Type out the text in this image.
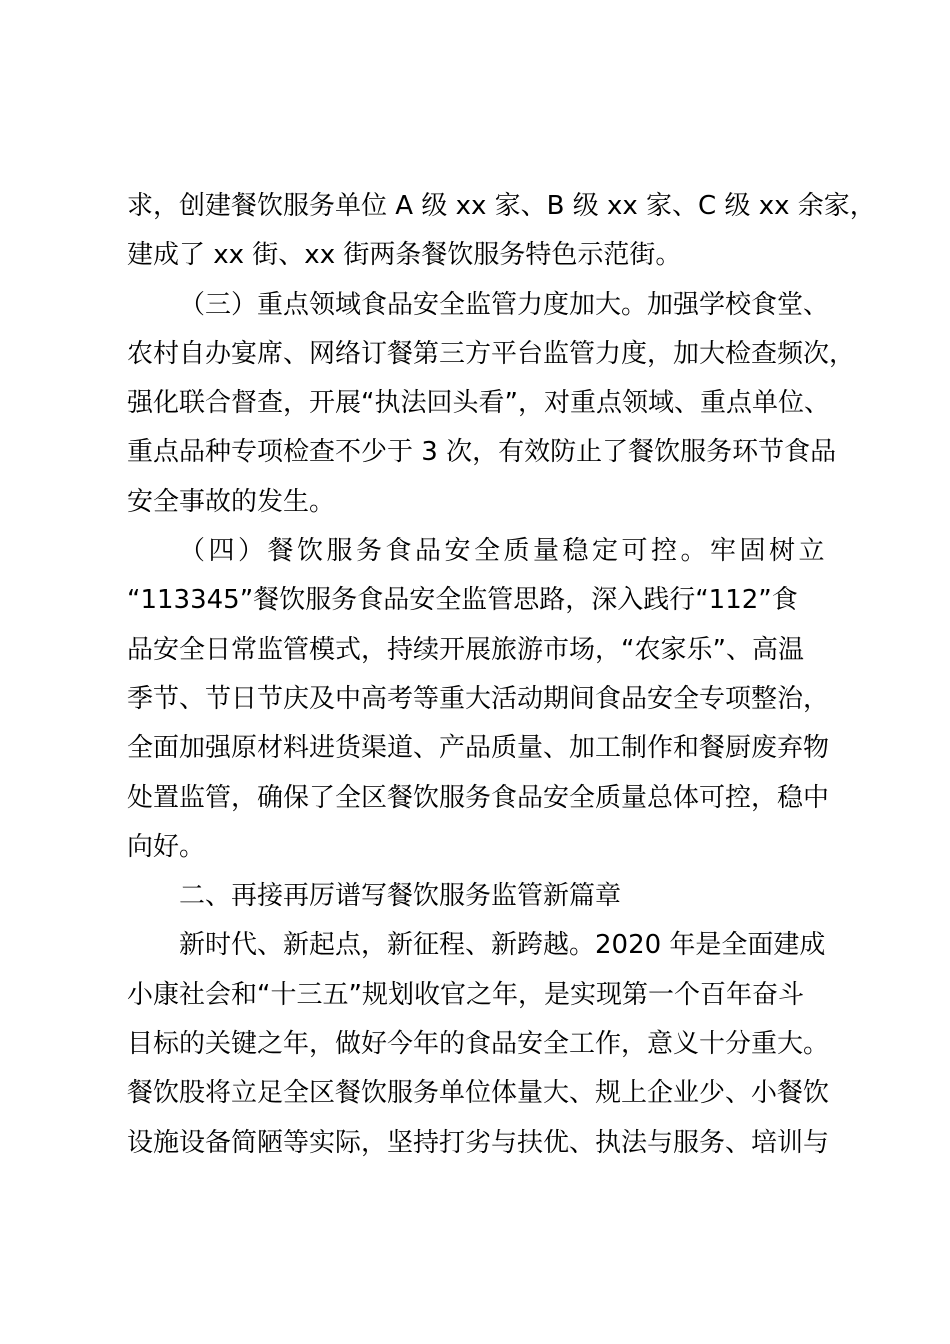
求，创建餐饮服务单位 A 级 xx 家、B 级 xx 家、C 级 xx 余家，
建成了 xx 街、xx 街两条餐饮服务特色示范街。
（三）重点领域食品安全监管力度加大。加强学校食堂、
农村自办宴席、网络订餐第三方平台监管力度，加大检查频次，
强化联合督查，开展“执法回头看”，对重点领域、重点单位、
重点品种专项检查不少于 3 次，有效防止了餐饮服务环节食品
安全事故的发生。
（四）餐饮服务食品安全质量稳定可控。牢固树立
“113345”餐饮服务食品安全监管思路，深入践行“112”食
品安全日常监管模式，持续开展旅游市场，“农家乐”、高温
季节、节日节庆及中高考等重大活动期间食品安全专项整治，
全面加强原材料进货渠道、产品质量、加工制作和餐厨废弃物
处置监管，确保了全区餐饮服务食品安全质量总体可控，稳中
向好。
二、再接再厉谱写餐饮服务监管新篇章
新时代、新起点，新征程、新跨越。2020 年是全面建成
小康社会和“十三五”规划收官之年，是实现第一个百年奋斗
目标的关键之年，做好今年的食品安全工作，意义十分重大。
餐饮股将立足全区餐饮服务单位体量大、规上企业少、小餐饮
设施设备简陋等实际，坚持打劣与扶优、执法与服务、培训与
